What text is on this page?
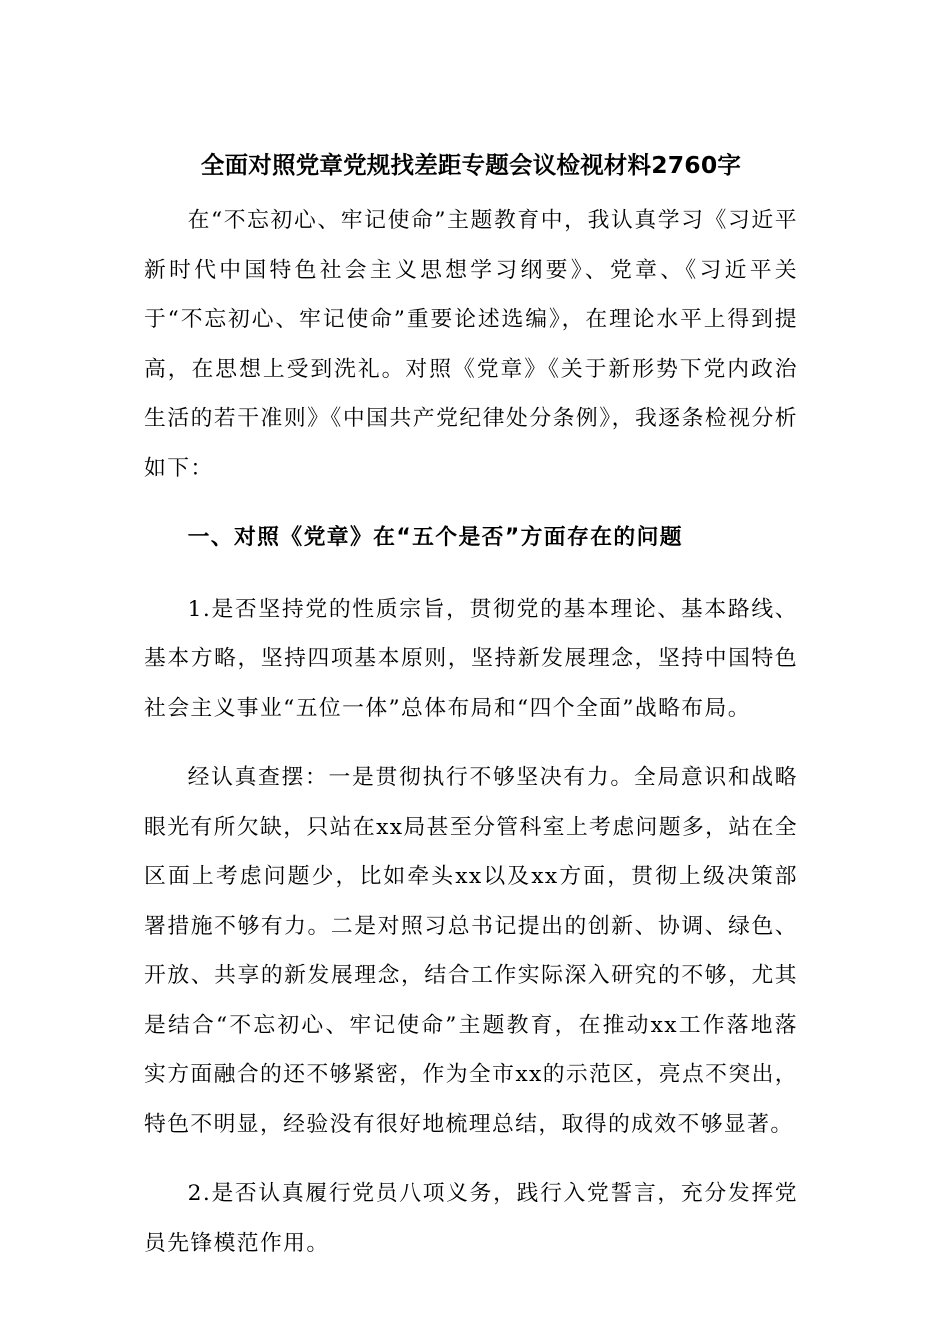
全面对照党章党规找差距专题会议检视材料2760字

在“不忘初心、牢记使命”主题教育中，我认真学习《习近平新时代中国特色社会主义思想学习纲要》、党章、《习近平关于“不忘初心、牢记使命”重要论述选编》，在理论水平上得到提高，在思想上受到洗礼。对照《党章》《关于新形势下党内政治生活的若干准则》《中国共产党纪律处分条例》，我逐条检视分析如下：

一、对照《党章》在“五个是否”方面存在的问题

1.是否坚持党的性质宗旨，贯彻党的基本理论、基本路线、基本方略，坚持四项基本原则，坚持新发展理念，坚持中国特色社会主义事业“五位一体”总体布局和“四个全面”战略布局。

经认真查摆：一是贯彻执行不够坚决有力。全局意识和战略眼光有所欠缺，只站在xx局甚至分管科室上考虑问题多，站在全区面上考虑问题少，比如牵头xx以及xx方面，贯彻上级决策部署措施不够有力。二是对照习总书记提出的创新、协调、绿色、开放、共享的新发展理念，结合工作实际深入研究的不够，尤其是结合“不忘初心、牢记使命”主题教育，在推动xx工作落地落实方面融合的还不够紧密，作为全市xx的示范区，亮点不突出，特色不明显，经验没有很好地梳理总结，取得的成效不够显著。

2.是否认真履行党员八项义务，践行入党誓言，充分发挥党员先锋模范作用。
